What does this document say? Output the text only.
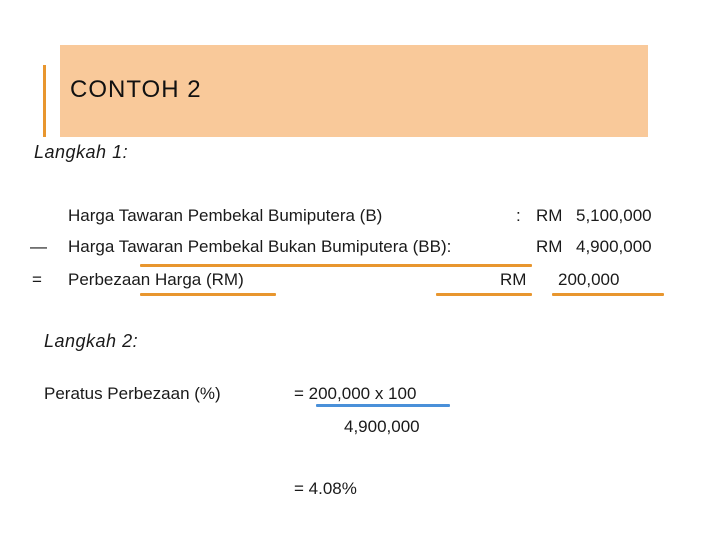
CONTOH 2
Langkah 1:
Harga Tawaran Pembekal Bumiputera (B)	: RM 5,100,000
— Harga Tawaran Pembekal Bukan Bumiputera (BB):	RM 4,900,000
= Perbezaan Harga (RM)	RM 200,000
Langkah 2:
Peratus Perbezaan (%)	= 200,000 x 100
4,900,000
= 4.08%
